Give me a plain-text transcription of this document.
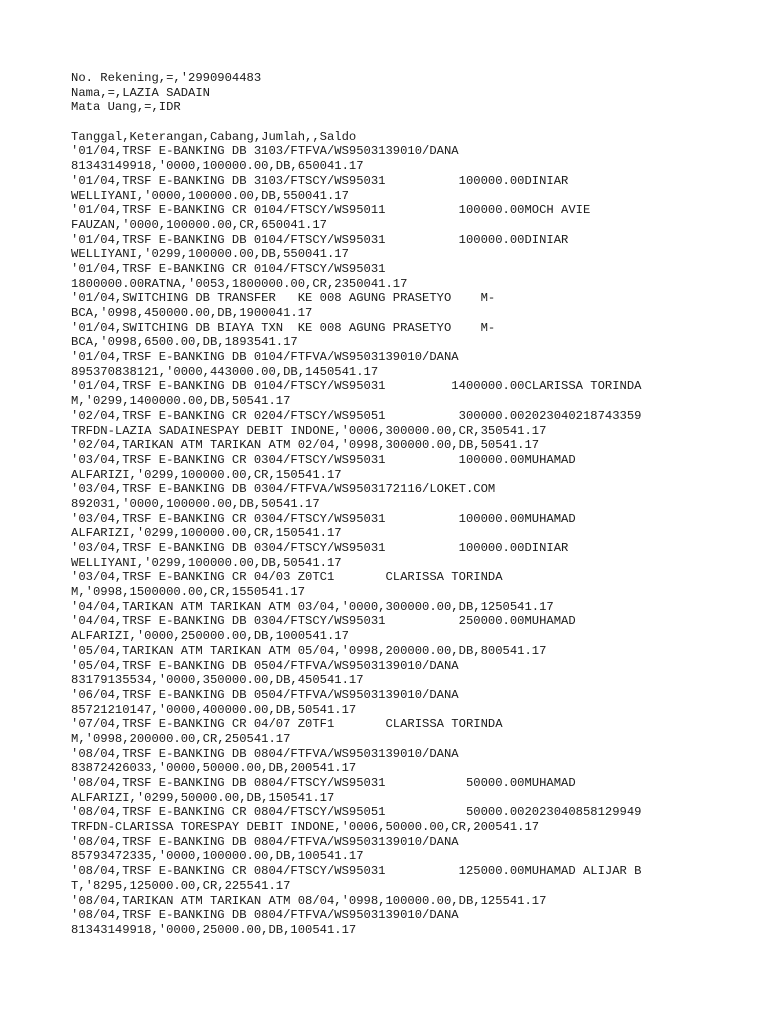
No. Rekening,=,'2990904483
Nama,=,LAZIA SADAIN
Mata Uang,=,IDR
Tanggal,Keterangan,Cabang,Jumlah,,Saldo
'01/04,TRSF E-BANKING DB 3103/FTFVA/WS9503139010/DANA
81343149918,'0000,100000.00,DB,650041.17
'01/04,TRSF E-BANKING DB 3103/FTSCY/WS95031          100000.00DINIAR
WELLIYANI,'0000,100000.00,DB,550041.17
'01/04,TRSF E-BANKING CR 0104/FTSCY/WS95011          100000.00MOCH AVIE
FAUZAN,'0000,100000.00,CR,650041.17
'01/04,TRSF E-BANKING DB 0104/FTSCY/WS95031          100000.00DINIAR
WELLIYANI,'0299,100000.00,DB,550041.17
'01/04,TRSF E-BANKING CR 0104/FTSCY/WS95031
1800000.00RATNA,'0053,1800000.00,CR,2350041.17
'01/04,SWITCHING DB TRANSFER   KE 008 AGUNG PRASETYO    M-
BCA,'0998,450000.00,DB,1900041.17
'01/04,SWITCHING DB BIAYA TXN  KE 008 AGUNG PRASETYO    M-
BCA,'0998,6500.00,DB,1893541.17
'01/04,TRSF E-BANKING DB 0104/FTFVA/WS9503139010/DANA
895370838121,'0000,443000.00,DB,1450541.17
'01/04,TRSF E-BANKING DB 0104/FTSCY/WS95031         1400000.00CLARISSA TORINDA
M,'0299,1400000.00,DB,50541.17
'02/04,TRSF E-BANKING CR 0204/FTSCY/WS95051          300000.002023040218743359
TRFDN-LAZIA SADAINESPAY DEBIT INDONE,'0006,300000.00,CR,350541.17
'02/04,TARIKAN ATM TARIKAN ATM 02/04,'0998,300000.00,DB,50541.17
'03/04,TRSF E-BANKING CR 0304/FTSCY/WS95031          100000.00MUHAMAD
ALFARIZI,'0299,100000.00,CR,150541.17
'03/04,TRSF E-BANKING DB 0304/FTFVA/WS9503172116/LOKET.COM
892031,'0000,100000.00,DB,50541.17
'03/04,TRSF E-BANKING CR 0304/FTSCY/WS95031          100000.00MUHAMAD
ALFARIZI,'0299,100000.00,CR,150541.17
'03/04,TRSF E-BANKING DB 0304/FTSCY/WS95031          100000.00DINIAR
WELLIYANI,'0299,100000.00,DB,50541.17
'03/04,TRSF E-BANKING CR 04/03 Z0TC1       CLARISSA TORINDA
M,'0998,1500000.00,CR,1550541.17
'04/04,TARIKAN ATM TARIKAN ATM 03/04,'0000,300000.00,DB,1250541.17
'04/04,TRSF E-BANKING DB 0304/FTSCY/WS95031          250000.00MUHAMAD
ALFARIZI,'0000,250000.00,DB,1000541.17
'05/04,TARIKAN ATM TARIKAN ATM 05/04,'0998,200000.00,DB,800541.17
'05/04,TRSF E-BANKING DB 0504/FTFVA/WS9503139010/DANA
83179135534,'0000,350000.00,DB,450541.17
'06/04,TRSF E-BANKING DB 0504/FTFVA/WS9503139010/DANA
85721210147,'0000,400000.00,DB,50541.17
'07/04,TRSF E-BANKING CR 04/07 Z0TF1       CLARISSA TORINDA
M,'0998,200000.00,CR,250541.17
'08/04,TRSF E-BANKING DB 0804/FTFVA/WS9503139010/DANA
83872426033,'0000,50000.00,DB,200541.17
'08/04,TRSF E-BANKING DB 0804/FTSCY/WS95031           50000.00MUHAMAD
ALFARIZI,'0299,50000.00,DB,150541.17
'08/04,TRSF E-BANKING CR 0804/FTSCY/WS95051           50000.002023040858129949
TRFDN-CLARISSA TORESPAY DEBIT INDONE,'0006,50000.00,CR,200541.17
'08/04,TRSF E-BANKING DB 0804/FTFVA/WS9503139010/DANA
85793472335,'0000,100000.00,DB,100541.17
'08/04,TRSF E-BANKING CR 0804/FTSCY/WS95031          125000.00MUHAMAD ALIJAR B
T,'8295,125000.00,CR,225541.17
'08/04,TARIKAN ATM TARIKAN ATM 08/04,'0998,100000.00,DB,125541.17
'08/04,TRSF E-BANKING DB 0804/FTFVA/WS9503139010/DANA
81343149918,'0000,25000.00,DB,100541.17
